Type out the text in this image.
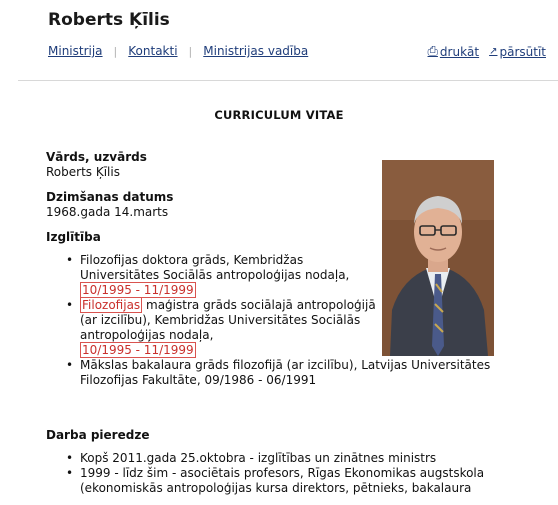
Roberts Ķīlis
Ministrija | Kontakti | Ministrijas vadība	⎙ drukāt ↗ pārsūtīt
CURRICULUM VITAE
Vārds, uzvārds
Roberts Ķīlis
Dzimšanas datums
1968.gada 14.marts
Izglītība
• Filozofijas doktora grāds, Kembridžas Universitātes Sociālās antropoloģijas nodaļa,
10/1995 - 11/1999
• Filozofijas maģistra grāds sociālajā antropoloģijā (ar izcilību), Kembridžas Universitātes Sociālās antropoloģijas nodaļa,
10/1995 - 11/1999
• Mākslas bakalaura grāds filozofijā (ar izcilību), Latvijas Universitātes Filozofijas Fakultāte, 09/1986 - 06/1991
Darba pieredze
• Kopš 2011.gada 25.oktobra - izglītības un zinātnes ministrs
• 1999 - līdz šim - asociētais profesors, Rīgas Ekonomikas augstskola (ekonomiskās antropoloģijas kursa direktors, pētnieks, bakalaura
